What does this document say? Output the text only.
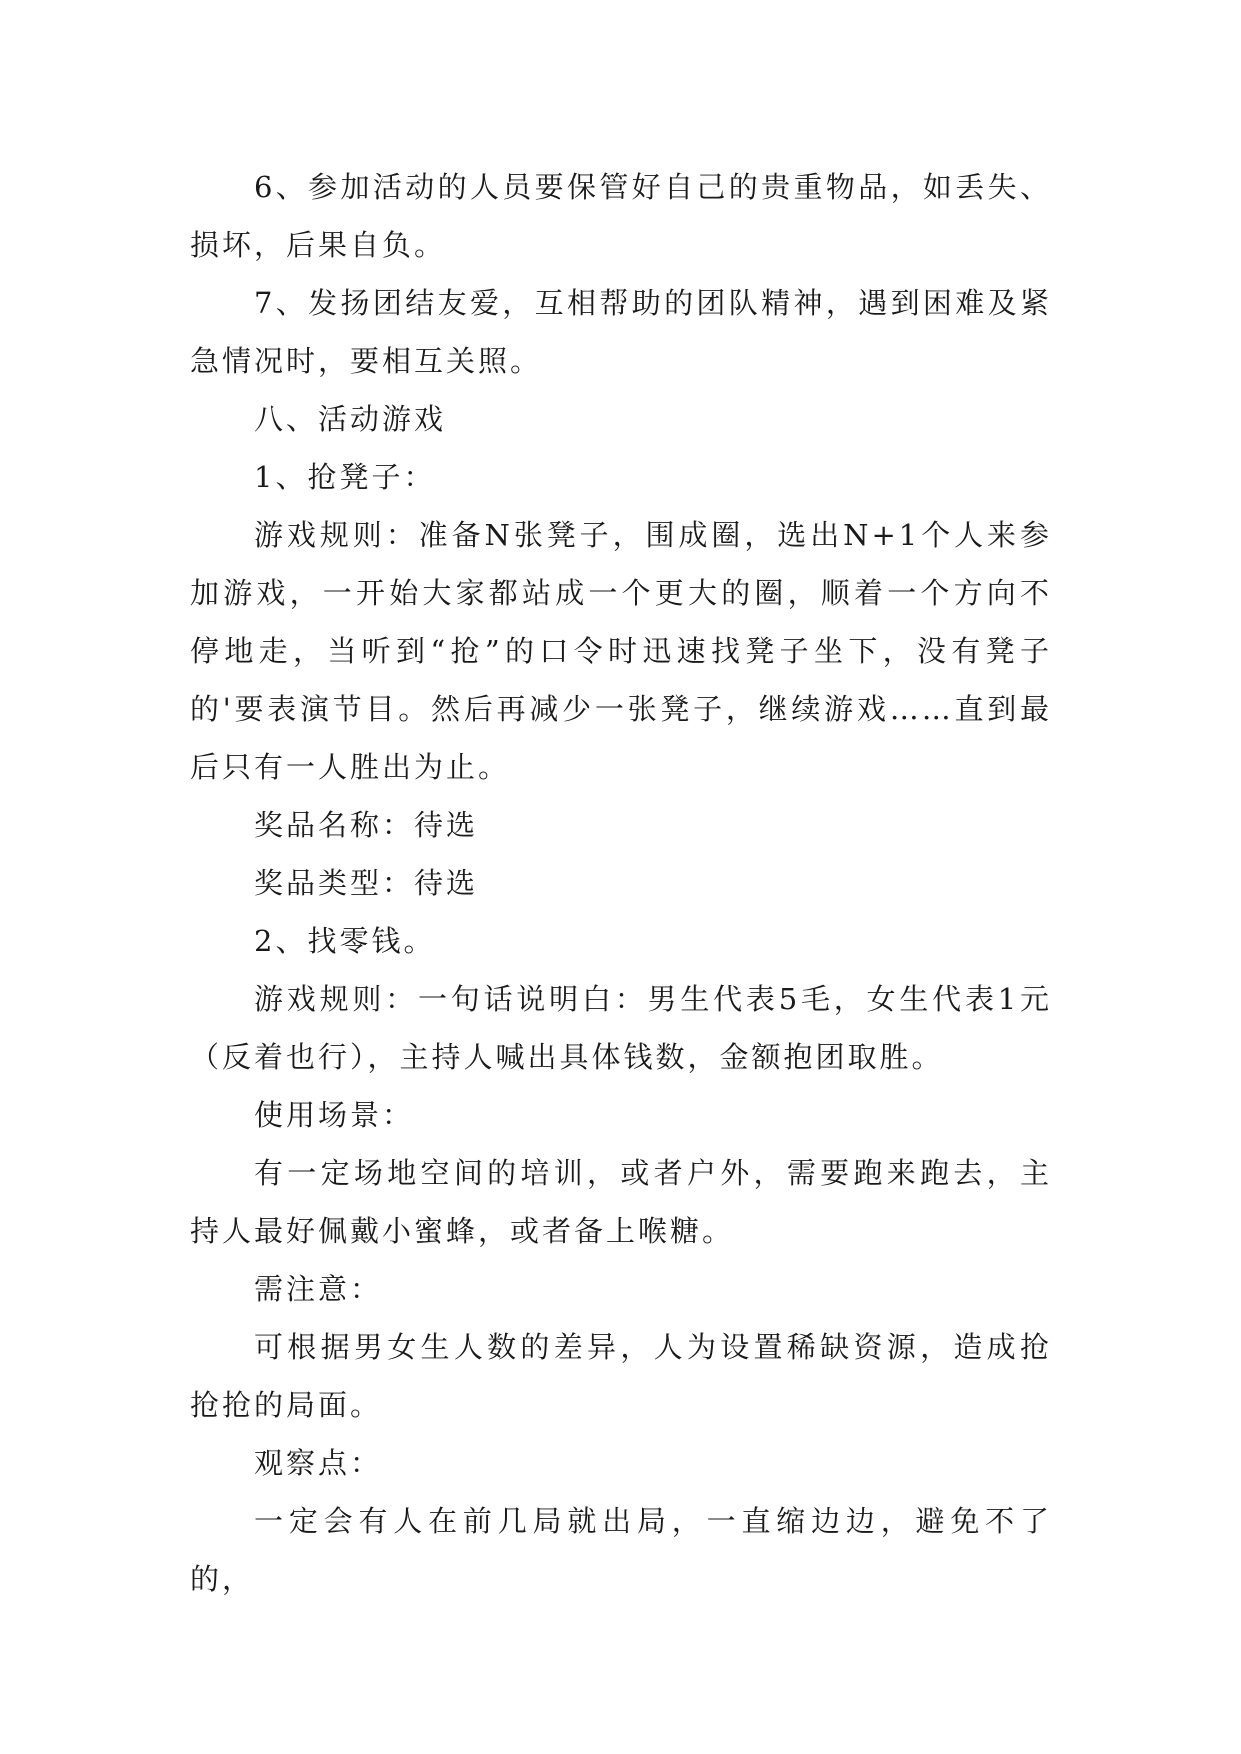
6、参加活动的人员要保管好自己的贵重物品，如丢失、损坏，后果自负。

7、发扬团结友爱，互相帮助的团队精神，遇到困难及紧急情况时，要相互关照。

八、活动游戏

1、抢凳子：

游戏规则：准备N张凳子，围成圈，选出N+1个人来参加游戏，一开始大家都站成一个更大的圈，顺着一个方向不停地走，当听到“抢”的口令时迅速找凳子坐下，没有凳子的'要表演节目。然后再减少一张凳子，继续游戏……直到最后只有一人胜出为止。

奖品名称：待选

奖品类型：待选

2、找零钱。

游戏规则：一句话说明白：男生代表5毛，女生代表1元（反着也行），主持人喊出具体钱数，金额抱团取胜。

使用场景：

有一定场地空间的培训，或者户外，需要跑来跑去，主持人最好佩戴小蜜蜂，或者备上喉糖。

需注意：

可根据男女生人数的差异，人为设置稀缺资源，造成抢抢抢的局面。

观察点：

一定会有人在前几局就出局，一直缩边边，避免不了的，
